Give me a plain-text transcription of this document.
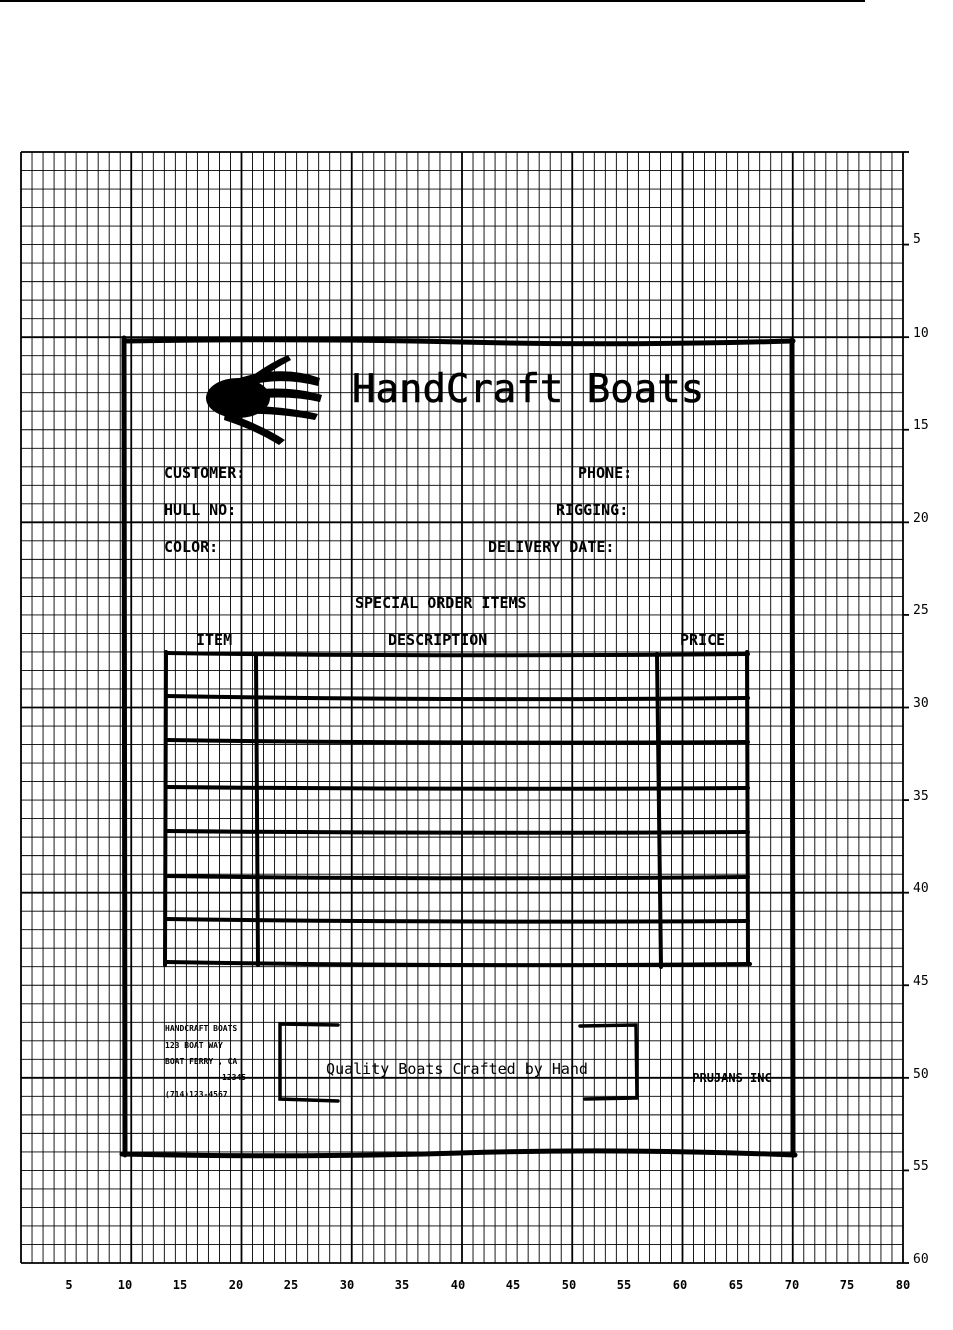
5	10	15	20	25	30	35	40	45	50	55	60	65	70	75	80
5
10
15
20
25
30
35
40
45
50
55
60
HandCraft Boats
CUSTOMER:	PHONE:
HULL NO:	RIGGING:
COLOR:	DELIVERY DATE:
SPECIAL ORDER ITEMS
ITEM	DESCRIPTION	PRICE
HANDCRAFT BOATS
123 BOAT WAY
BOAT FERRY , CA
12345
(714)123-4567
Quality Boats Crafted by Hand	PRUJANS INC
